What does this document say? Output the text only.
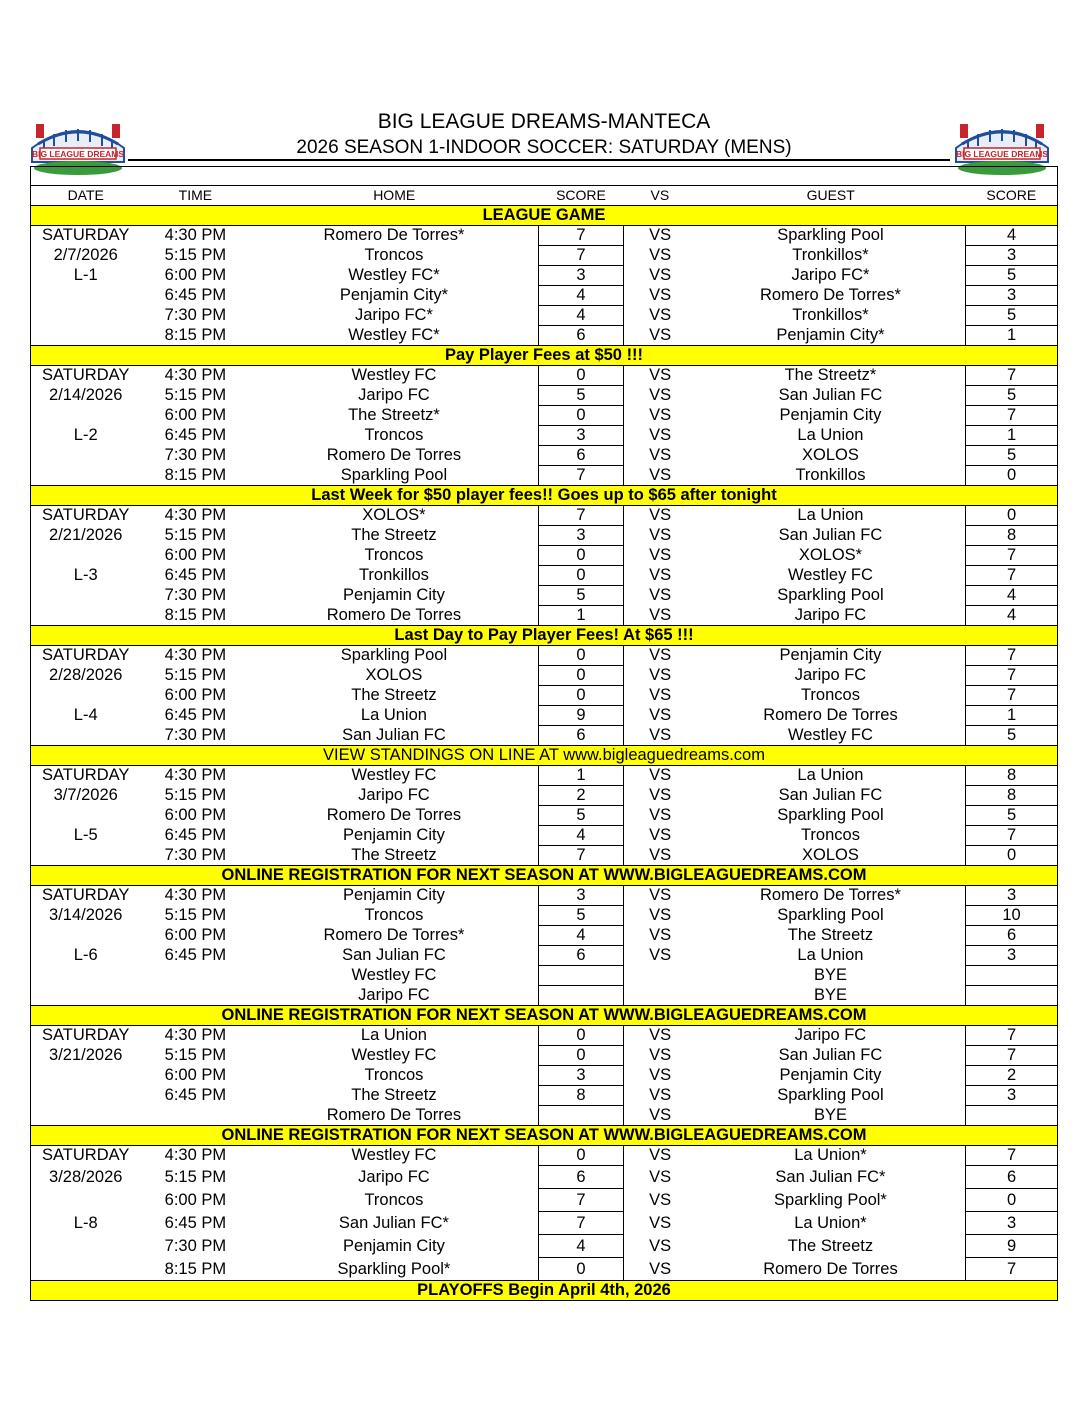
BIG LEAGUE DREAMS-MANTECA
2026 SEASON 1-INDOOR SOCCER: SATURDAY (MENS)
BIG LEAGUE DREAMS	BIG LEAGUE DREAMS

DATE	TIME	HOME	SCORE	VS	GUEST	SCORE
LEAGUE GAME						
SATURDAY	4:30 PM	Romero De Torres*	7	VS	Sparkling Pool	4
2/7/2026	5:15 PM	Troncos	7	VS	Tronkillos*	3
L-1	6:00 PM	Westley FC*	3	VS	Jaripo FC*	5
	6:45 PM	Penjamin City*	4	VS	Romero De Torres*	3
	7:30 PM	Jaripo FC*	4	VS	Tronkillos*	5
	8:15 PM	Westley FC*	6	VS	Penjamin City*	1
Pay Player Fees at $50 !!!						
SATURDAY	4:30 PM	Westley FC	0	VS	The Streetz*	7
2/14/2026	5:15 PM	Jaripo FC	5	VS	San Julian FC	5
	6:00 PM	The Streetz*	0	VS	Penjamin City	7
L-2	6:45 PM	Troncos	3	VS	La Union	1
	7:30 PM	Romero De Torres	6	VS	XOLOS	5
	8:15 PM	Sparkling Pool	7	VS	Tronkillos	0
Last Week for $50 player fees!! Goes up to $65 after tonight						
SATURDAY	4:30 PM	XOLOS*	7	VS	La Union	0
2/21/2026	5:15 PM	The Streetz	3	VS	San Julian FC	8
	6:00 PM	Troncos	0	VS	XOLOS*	7
L-3	6:45 PM	Tronkillos	0	VS	Westley FC	7
	7:30 PM	Penjamin City	5	VS	Sparkling Pool	4
	8:15 PM	Romero De Torres	1	VS	Jaripo FC	4
Last Day to Pay Player Fees! At $65 !!!						
SATURDAY	4:30 PM	Sparkling Pool	0	VS	Penjamin City	7
2/28/2026	5:15 PM	XOLOS	0	VS	Jaripo FC	7
	6:00 PM	The Streetz	0	VS	Troncos	7
L-4	6:45 PM	La Union	9	VS	Romero De Torres	1
	7:30 PM	San Julian FC	6	VS	Westley FC	5
VIEW STANDINGS ON LINE AT www.bigleaguedreams.com						
SATURDAY	4:30 PM	Westley FC	1	VS	La Union	8
3/7/2026	5:15 PM	Jaripo FC	2	VS	San Julian FC	8
	6:00 PM	Romero De Torres	5	VS	Sparkling Pool	5
L-5	6:45 PM	Penjamin City	4	VS	Troncos	7
	7:30 PM	The Streetz	7	VS	XOLOS	0
ONLINE REGISTRATION FOR NEXT SEASON AT WWW.BIGLEAGUEDREAMS.COM						
SATURDAY	4:30 PM	Penjamin City	3	VS	Romero De Torres*	3
3/14/2026	5:15 PM	Troncos	5	VS	Sparkling Pool	10
	6:00 PM	Romero De Torres*	4	VS	The Streetz	6
L-6	6:45 PM	San Julian FC	6	VS	La Union	3
		Westley FC			BYE	
		Jaripo FC			BYE	
ONLINE REGISTRATION FOR NEXT SEASON AT WWW.BIGLEAGUEDREAMS.COM						
SATURDAY	4:30 PM	La Union	0	VS	Jaripo FC	7
3/21/2026	5:15 PM	Westley FC	0	VS	San Julian FC	7
	6:00 PM	Troncos	3	VS	Penjamin City	2
	6:45 PM	The Streetz	8	VS	Sparkling Pool	3
		Romero De Torres		VS	BYE	
ONLINE REGISTRATION FOR NEXT SEASON AT WWW.BIGLEAGUEDREAMS.COM						
SATURDAY	4:30 PM	Westley FC	0	VS	La Union*	7
3/28/2026	5:15 PM	Jaripo FC	6	VS	San Julian FC*	6
	6:00 PM	Troncos	7	VS	Sparkling Pool*	0
L-8	6:45 PM	San Julian FC*	7	VS	La Union*	3
	7:30 PM	Penjamin City	4	VS	The Streetz	9
	8:15 PM	Sparkling Pool*	0	VS	Romero De Torres	7
PLAYOFFS Begin April 4th, 2026						
